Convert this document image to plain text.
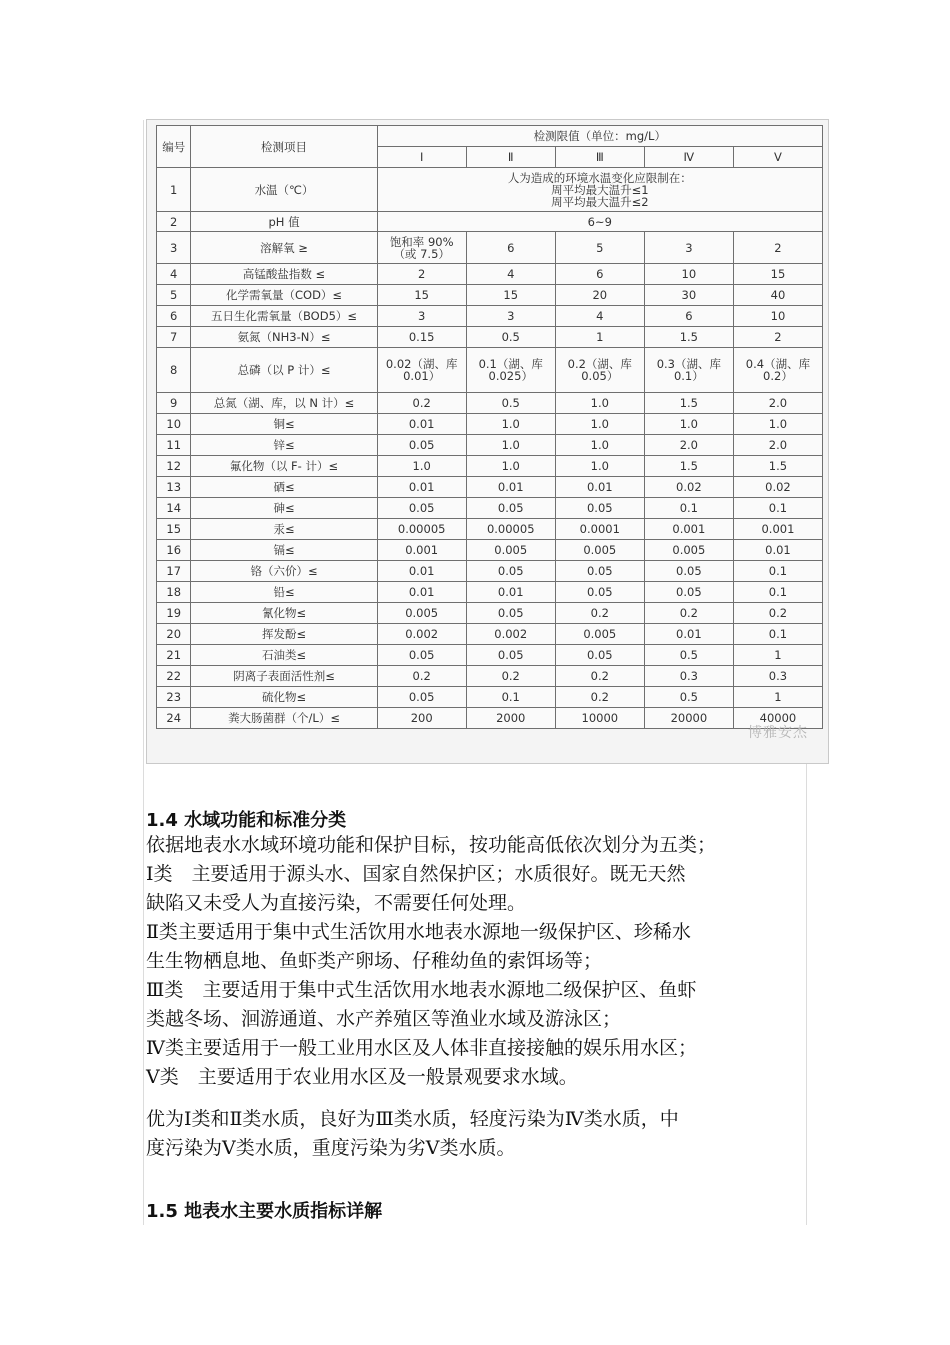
编号	检测项目	检测限值（单位：mg/L）				
		Ⅰ	Ⅱ	Ⅲ	Ⅳ	Ⅴ
1	水温（℃）	人为造成的环境水温变化应限制在：
周平均最大温升≤1
周平均最大温升≤2				

2	pH 值	6~9				
3	溶解氧 ≥	饱和率 90%（或 7.5）	6	5	3	2
4	高锰酸盐指数 ≤	2	4	6	10	15
5	化学需氧量（COD）≤	15	15	20	30	40
6	五日生化需氧量（BOD5）≤	3	3	4	6	10
7	氨氮（NH3-N）≤	0.15	0.5	1	1.5	2
8	总磷（以 P 计）≤	0.02（湖、库 0.01）	0.1（湖、库 0.025）	0.2（湖、库 0.05）	0.3（湖、库 0.1）	0.4（湖、库 0.2）
9	总氮（湖、库，以 N 计）≤	0.2	0.5	1.0	1.5	2.0
10	铜≤	0.01	1.0	1.0	1.0	1.0
11	锌≤	0.05	1.0	1.0	2.0	2.0
12	氟化物（以 F- 计）≤	1.0	1.0	1.0	1.5	1.5
13	硒≤	0.01	0.01	0.01	0.02	0.02
14	砷≤	0.05	0.05	0.05	0.1	0.1
15	汞≤	0.00005	0.00005	0.0001	0.001	0.001
16	镉≤	0.001	0.005	0.005	0.005	0.01
17	铬（六价）≤	0.01	0.05	0.05	0.05	0.1
18	铅≤	0.01	0.01	0.05	0.05	0.1
19	氰化物≤	0.005	0.05	0.2	0.2	0.2
20	挥发酚≤	0.002	0.002	0.005	0.01	0.1
21	石油类≤	0.05	0.05	0.05	0.5	1
22	阴离子表面活性剂≤	0.2	0.2	0.2	0.3	0.3
23	硫化物≤	0.05	0.1	0.2	0.5	1
24	粪大肠菌群（个/L）≤	200	2000	10000	20000	40000
博雅安杰
1.4 水域功能和标准分类

依据地表水水域环境功能和保护目标，按功能高低依次划分为五类；

Ⅰ类　主要适用于源头水、国家自然保护区；水质很好。既无天然

缺陷又未受人为直接污染，不需要任何处理。

Ⅱ类主要适用于集中式生活饮用水地表水源地一级保护区、珍稀水

生生物栖息地、鱼虾类产卵场、仔稚幼鱼的索饵场等；

Ⅲ类　主要适用于集中式生活饮用水地表水源地二级保护区、鱼虾

类越冬场、洄游通道、水产养殖区等渔业水域及游泳区；

Ⅳ类主要适用于一般工业用水区及人体非直接接触的娱乐用水区；

Ⅴ类　主要适用于农业用水区及一般景观要求水域。

优为Ⅰ类和Ⅱ类水质，良好为Ⅲ类水质，轻度污染为Ⅳ类水质，中

度污染为Ⅴ类水质，重度污染为劣Ⅴ类水质。

1.5 地表水主要水质指标详解
